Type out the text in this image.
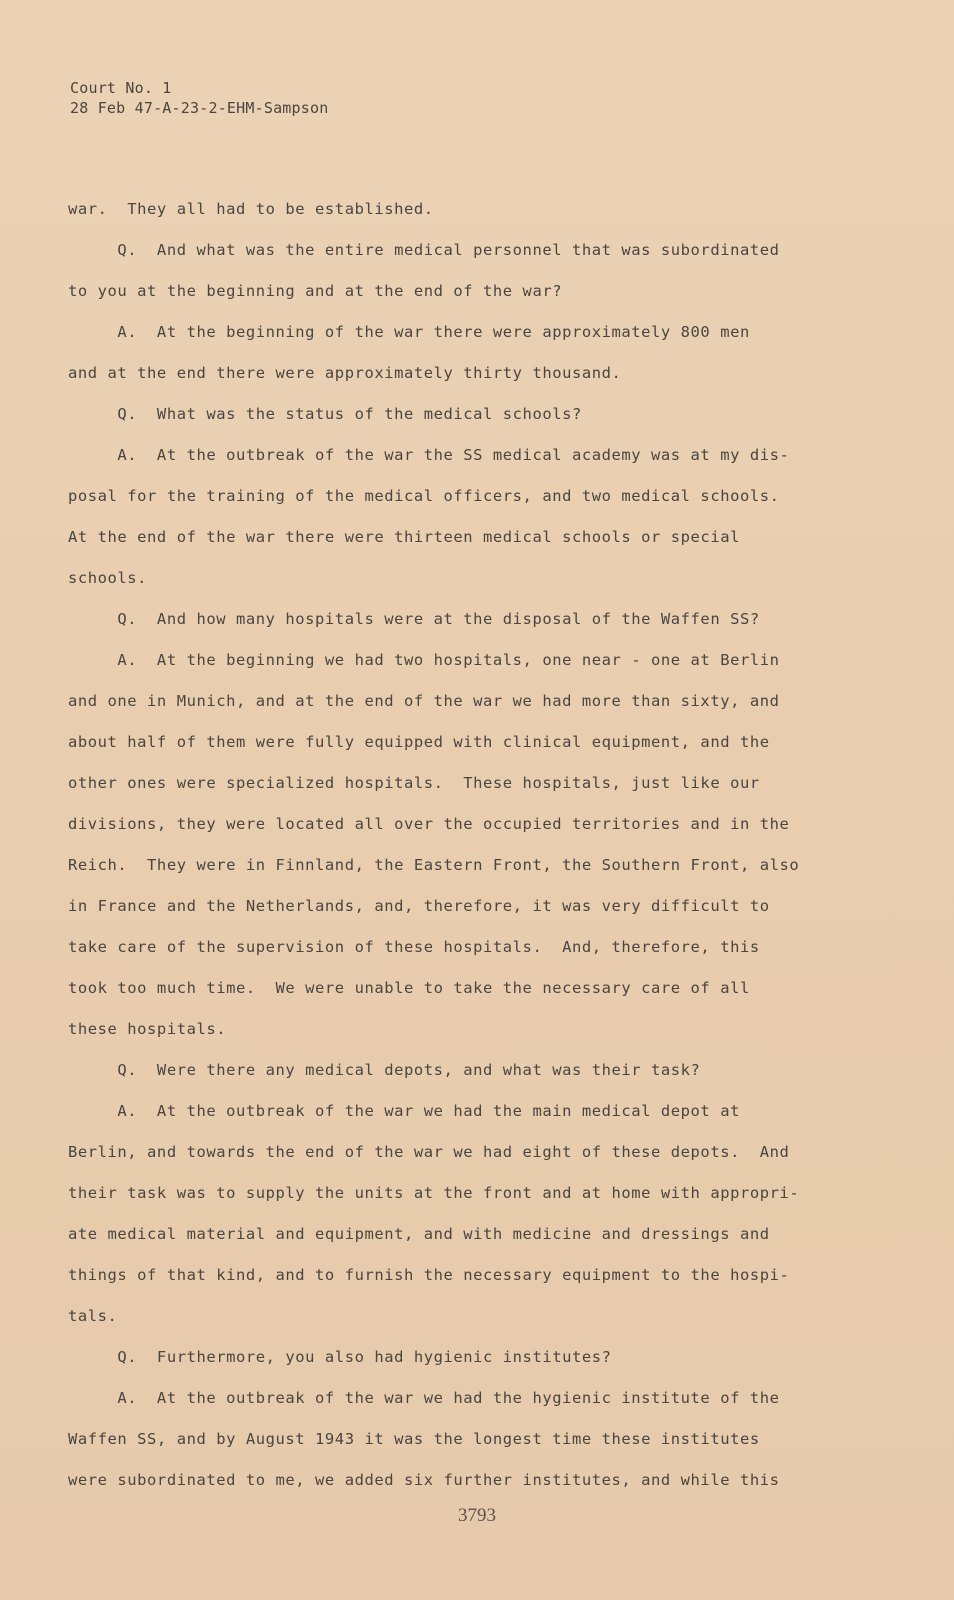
Court No. 1
28 Feb 47-A-23-2-EHM-Sampson
war.  They all had to be established.
Q.  And what was the entire medical personnel that was subordinated
to you at the beginning and at the end of the war?
A.  At the beginning of the war there were approximately 800 men
and at the end there were approximately thirty thousand.
Q.  What was the status of the medical schools?
A.  At the outbreak of the war the SS medical academy was at my dis-
posal for the training of the medical officers, and two medical schools.
At the end of the war there were thirteen medical schools or special
schools.
Q.  And how many hospitals were at the disposal of the Waffen SS?
A.  At the beginning we had two hospitals, one near - one at Berlin
and one in Munich, and at the end of the war we had more than sixty, and
about half of them were fully equipped with clinical equipment, and the
other ones were specialized hospitals.  These hospitals, just like our
divisions, they were located all over the occupied territories and in the
Reich.  They were in Finnland, the Eastern Front, the Southern Front, also
in France and the Netherlands, and, therefore, it was very difficult to
take care of the supervision of these hospitals.  And, therefore, this
took too much time.  We were unable to take the necessary care of all
these hospitals.
Q.  Were there any medical depots, and what was their task?
A.  At the outbreak of the war we had the main medical depot at
Berlin, and towards the end of the war we had eight of these depots.  And
their task was to supply the units at the front and at home with appropri-
ate medical material and equipment, and with medicine and dressings and
things of that kind, and to furnish the necessary equipment to the hospi-
tals.
Q.  Furthermore, you also had hygienic institutes?
A.  At the outbreak of the war we had the hygienic institute of the
Waffen SS, and by August 1943 it was the longest time these institutes
were subordinated to me, we added six further institutes, and while this
3793
